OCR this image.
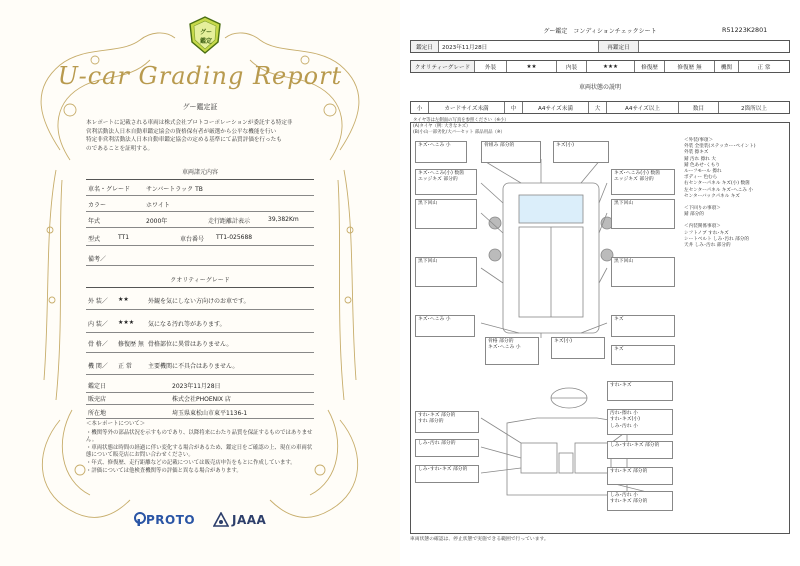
グー 鑑定
U-car Grading Report
グー鑑定証
本レポートに記載される車両は株式会社プロトコーポレーションが委託する特定非
営利活動法人日本自動車鑑定協会の資格保有者が厳選から公平な機能を行い
特定非営利活動法人日本自動車鑑定協会の定める基準にて品質評価を行ったも
のであることを証明する。
車両諸元内容
車名・グレード	サンバートラック TB
カラー	ホワイト
年式	2000年	走行距離計表示	39,382Km
型式	TT1	車台番号 TT1-025688
備考／
クオリティーグレード
外 装／ ★★	外観を気にしない方向けのお車です。
内 装／ ★★★ 気になる汚れ等があります。
骨 格／ 修復歴 無 骨格部位に異常はありません。
機 関／ 正 常	主要機関に不具合はありません。
鑑定日	2023年11月28日
販売店	株式会社PHOENIX 店
所在地	埼玉県東松山市東平1136-1
＜本レポートについて＞
・機関等外の部品状況を示すものであり、以降将来にわたり品質を保証するものではありません。
・車両状態は時間の経過に伴い変化する場合があるため、鑑定日をご確認の上、現在の車両状態について販売店にお問い合わせください。
・年式、修復歴、走行距離などの記載については販売店申告をもとに作成しています。
・評価については他検査機関等の評価と異なる場合があります。
PROTO	JAAA
グー鑑定　コンディションチェックシート	R51223K2801
鑑定日	2023年11月28日	再鑑定日
クオリティーグレード	外装	★★	内装	★★★	修復歴	修復歴 無	機関	正 常
車両状態の説明
小	カードサイズ未満	中	A4サイズ未満	大	A4サイズ以上	数目	2箇所以上
タイヤ等は左側面の写真を参照ください（※小）
(A)タイヤ（例: 大きなキズ）
(B)小山一部劣化/大バーセット 部品用品（※）
キズ･へこみ 小	骨組み 部分的	キズ(小)
キズ･へこみ(小) 数箇
エッジキズ 部分的
黒下回山
黒下回山
キズ･へこみ 小
キズ･へこみ(小) 数箇
エッジキズ 部分的
黒下回山
黒下回山
キズ
骨格 部分的
キズ･へこみ 小
キズ(小)
キズ
すれ･キズ 部分的
すれ 部分的
しみ･汚れ 部分的
しみ･すれ･キズ 部分的
すれ･キズ
汚れ･擦れ 小
すれ･キズ(小)
しみ･汚れ 小
しみ･すれ･キズ 部分的
すれ･キズ 部分的
しみ･汚れ 小
すれ･キズ 部分的
＜外装/事項＞
外装 全塗装(ステッカー･ペイント)
外装 擦キズ
錆 汚れ 擦れ 大
錆 色あせ･くもり
ルーフモール 擦れ
ボディー 色むら
右センターパネル キズ(小) 数箇
左センターパネル キズ･へこみ 小
センターバックパネル キズ
＜下回りの事項＞
錆 部分的
＜内装関係事項＞
シフトノブ すれ･キズ
シートベルト しみ･汚れ 部分的
天井 しみ･汚れ 部分的
車両状態の確認は、停止状態で実施できる範囲で行っています。
